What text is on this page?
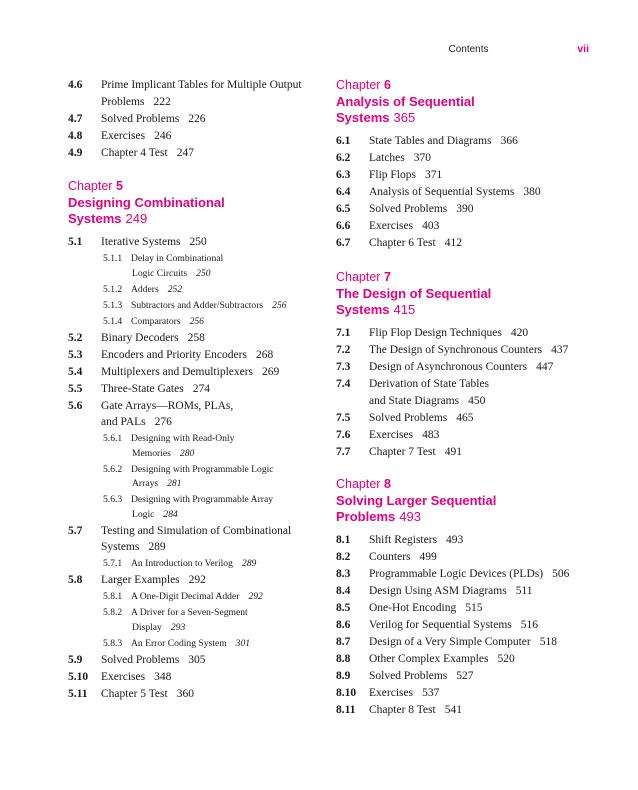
Contents	vii
4.6 Prime Implicant Tables for Multiple Output
Problems 222
4.7 Solved Problems 226
4.8 Exercises 246
4.9 Chapter 4 Test 247
Chapter 5
Designing Combinational
Systems 249
5.1 Iterative Systems 250
5.1.1 Delay in Combinational
Logic Circuits 250
5.1.2 Adders 252
5.1.3 Subtractors and Adder/Subtractors 256
5.1.4 Comparators 256
5.2 Binary Decoders 258
5.3 Encoders and Priority Encoders 268
5.4 Multiplexers and Demultiplexers 269
5.5 Three-State Gates 274
5.6 Gate Arrays—ROMs, PLAs,
and PALs 276
5.6.1 Designing with Read-Only
Memories 280
5.6.2 Designing with Programmable Logic
Arrays 281
5.6.3 Designing with Programmable Array
Logic 284
5.7 Testing and Simulation of Combinational
Systems 289
5.7.1 An Introduction to Verilog 289
5.8 Larger Examples 292
5.8.1 A One-Digit Decimal Adder 292
5.8.2 A Driver for a Seven-Segment
Display 293
5.8.3 An Error Coding System 301
5.9 Solved Problems 305
5.10 Exercises 348
5.11 Chapter 5 Test 360
Chapter 6
Analysis of Sequential
Systems 365
6.1 State Tables and Diagrams 366
6.2 Latches 370
6.3 Flip Flops 371
6.4 Analysis of Sequential Systems 380
6.5 Solved Problems 390
6.6 Exercises 403
6.7 Chapter 6 Test 412
Chapter 7
The Design of Sequential
Systems 415
7.1 Flip Flop Design Techniques 420
7.2 The Design of Synchronous Counters 437
7.3 Design of Asynchronous Counters 447
7.4 Derivation of State Tables
and State Diagrams 450
7.5 Solved Problems 465
7.6 Exercises 483
7.7 Chapter 7 Test 491
Chapter 8
Solving Larger Sequential
Problems 493
8.1 Shift Registers 493
8.2 Counters 499
8.3 Programmable Logic Devices (PLDs) 506
8.4 Design Using ASM Diagrams 511
8.5 One-Hot Encoding 515
8.6 Verilog for Sequential Systems 516
8.7 Design of a Very Simple Computer 518
8.8 Other Complex Examples 520
8.9 Solved Problems 527
8.10 Exercises 537
8.11 Chapter 8 Test 541
